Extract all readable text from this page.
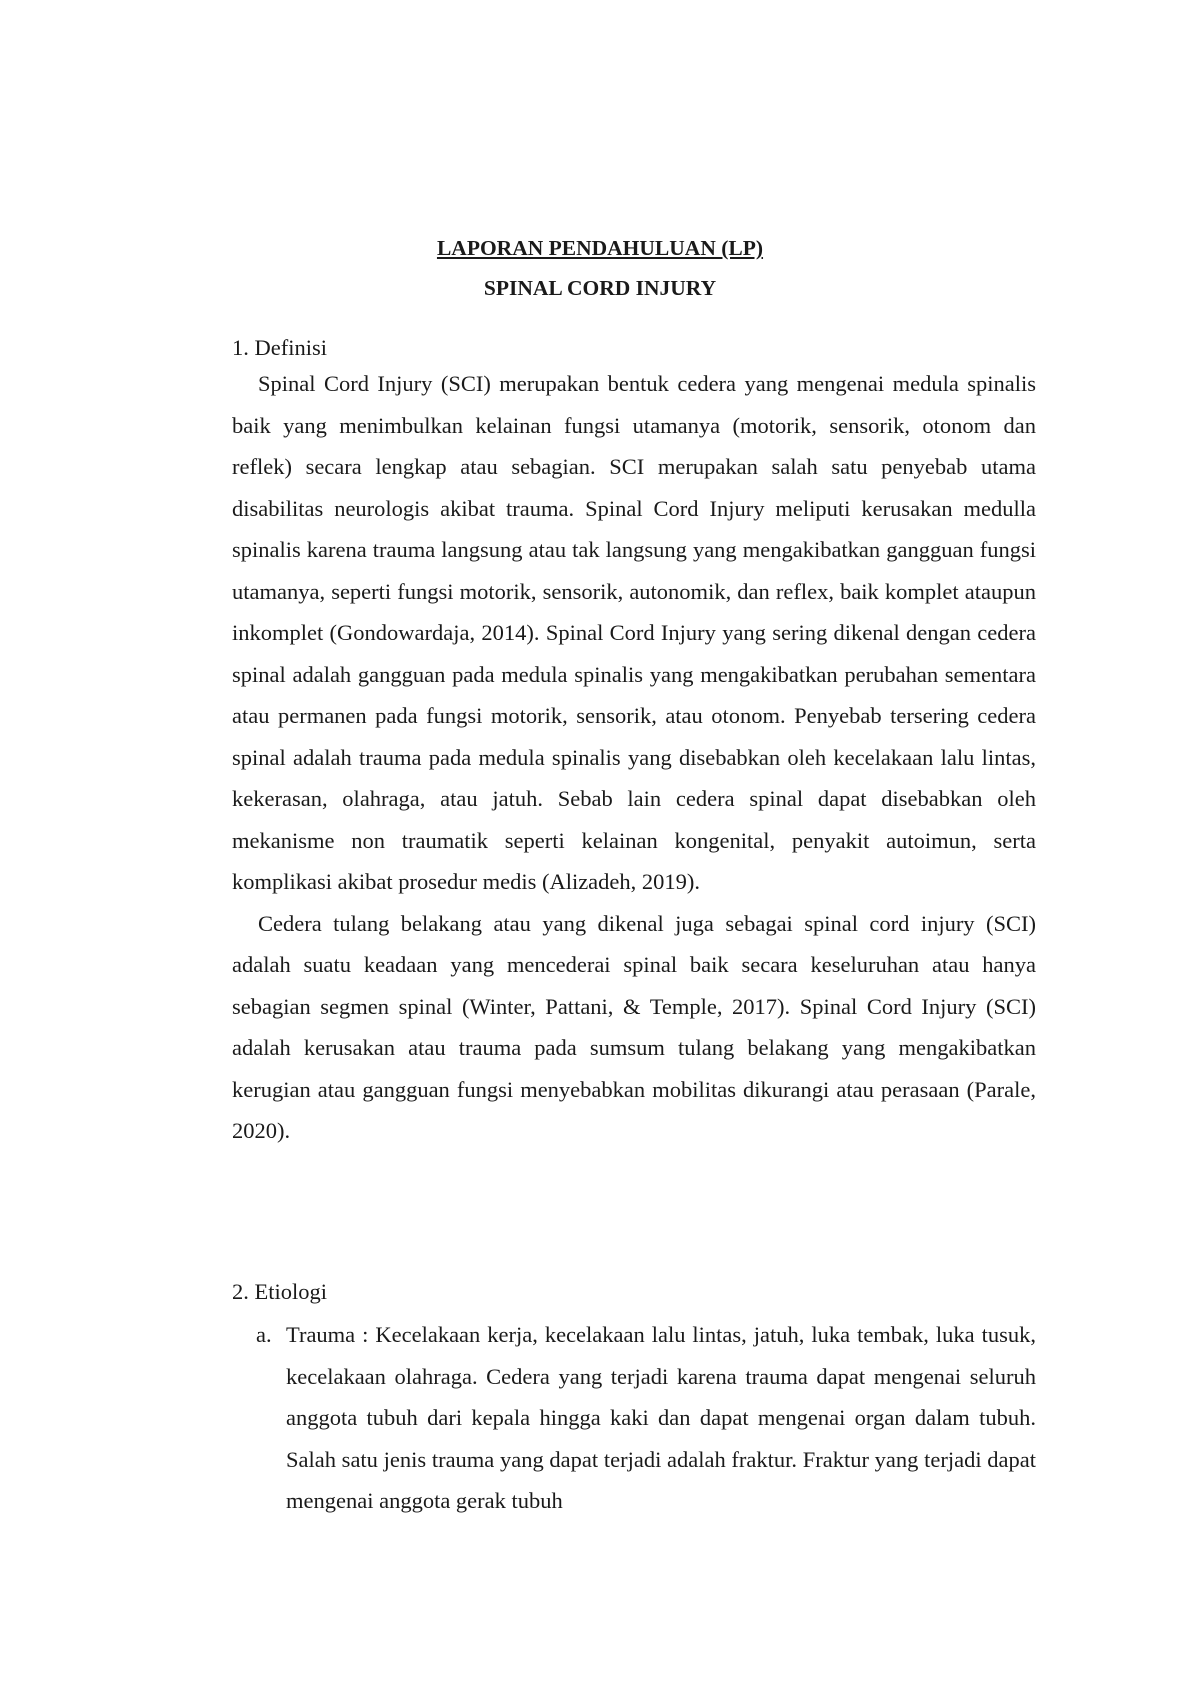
LAPORAN PENDAHULUAN (LP)
SPINAL CORD INJURY
1. Definisi

Spinal Cord Injury (SCI) merupakan bentuk cedera yang mengenai medula spinalis baik yang menimbulkan kelainan fungsi utamanya (motorik, sensorik, otonom dan reflek) secara lengkap atau sebagian. SCI merupakan salah satu penyebab utama disabilitas neurologis akibat trauma. Spinal Cord Injury meliputi kerusakan medulla spinalis karena trauma langsung atau tak langsung yang mengakibatkan gangguan fungsi utamanya, seperti fungsi motorik, sensorik, autonomik, dan reflex, baik komplet ataupun inkomplet (Gondowardaja, 2014). Spinal Cord Injury yang sering dikenal dengan cedera spinal adalah gangguan pada medula spinalis yang mengakibatkan perubahan sementara atau permanen pada fungsi motorik, sensorik, atau otonom. Penyebab tersering cedera spinal adalah trauma pada medula spinalis yang disebabkan oleh kecelakaan lalu lintas, kekerasan, olahraga, atau jatuh. Sebab lain cedera spinal dapat disebabkan oleh mekanisme non traumatik seperti kelainan kongenital, penyakit autoimun, serta komplikasi akibat prosedur medis (Alizadeh, 2019).

Cedera tulang belakang atau yang dikenal juga sebagai spinal cord injury (SCI) adalah suatu keadaan yang mencederai spinal baik secara keseluruhan atau hanya sebagian segmen spinal (Winter, Pattani, & Temple, 2017). Spinal Cord Injury (SCI) adalah kerusakan atau trauma pada sumsum tulang belakang yang mengakibatkan kerugian atau gangguan fungsi menyebabkan mobilitas dikurangi atau perasaan (Parale, 2020).

2. Etiologi
a. Trauma : Kecelakaan kerja, kecelakaan lalu lintas, jatuh, luka tembak, luka tusuk, kecelakaan olahraga. Cedera yang terjadi karena trauma dapat mengenai seluruh anggota tubuh dari kepala hingga kaki dan dapat mengenai organ dalam tubuh. Salah satu jenis trauma yang dapat terjadi adalah fraktur. Fraktur yang terjadi dapat mengenai anggota gerak tubuh
